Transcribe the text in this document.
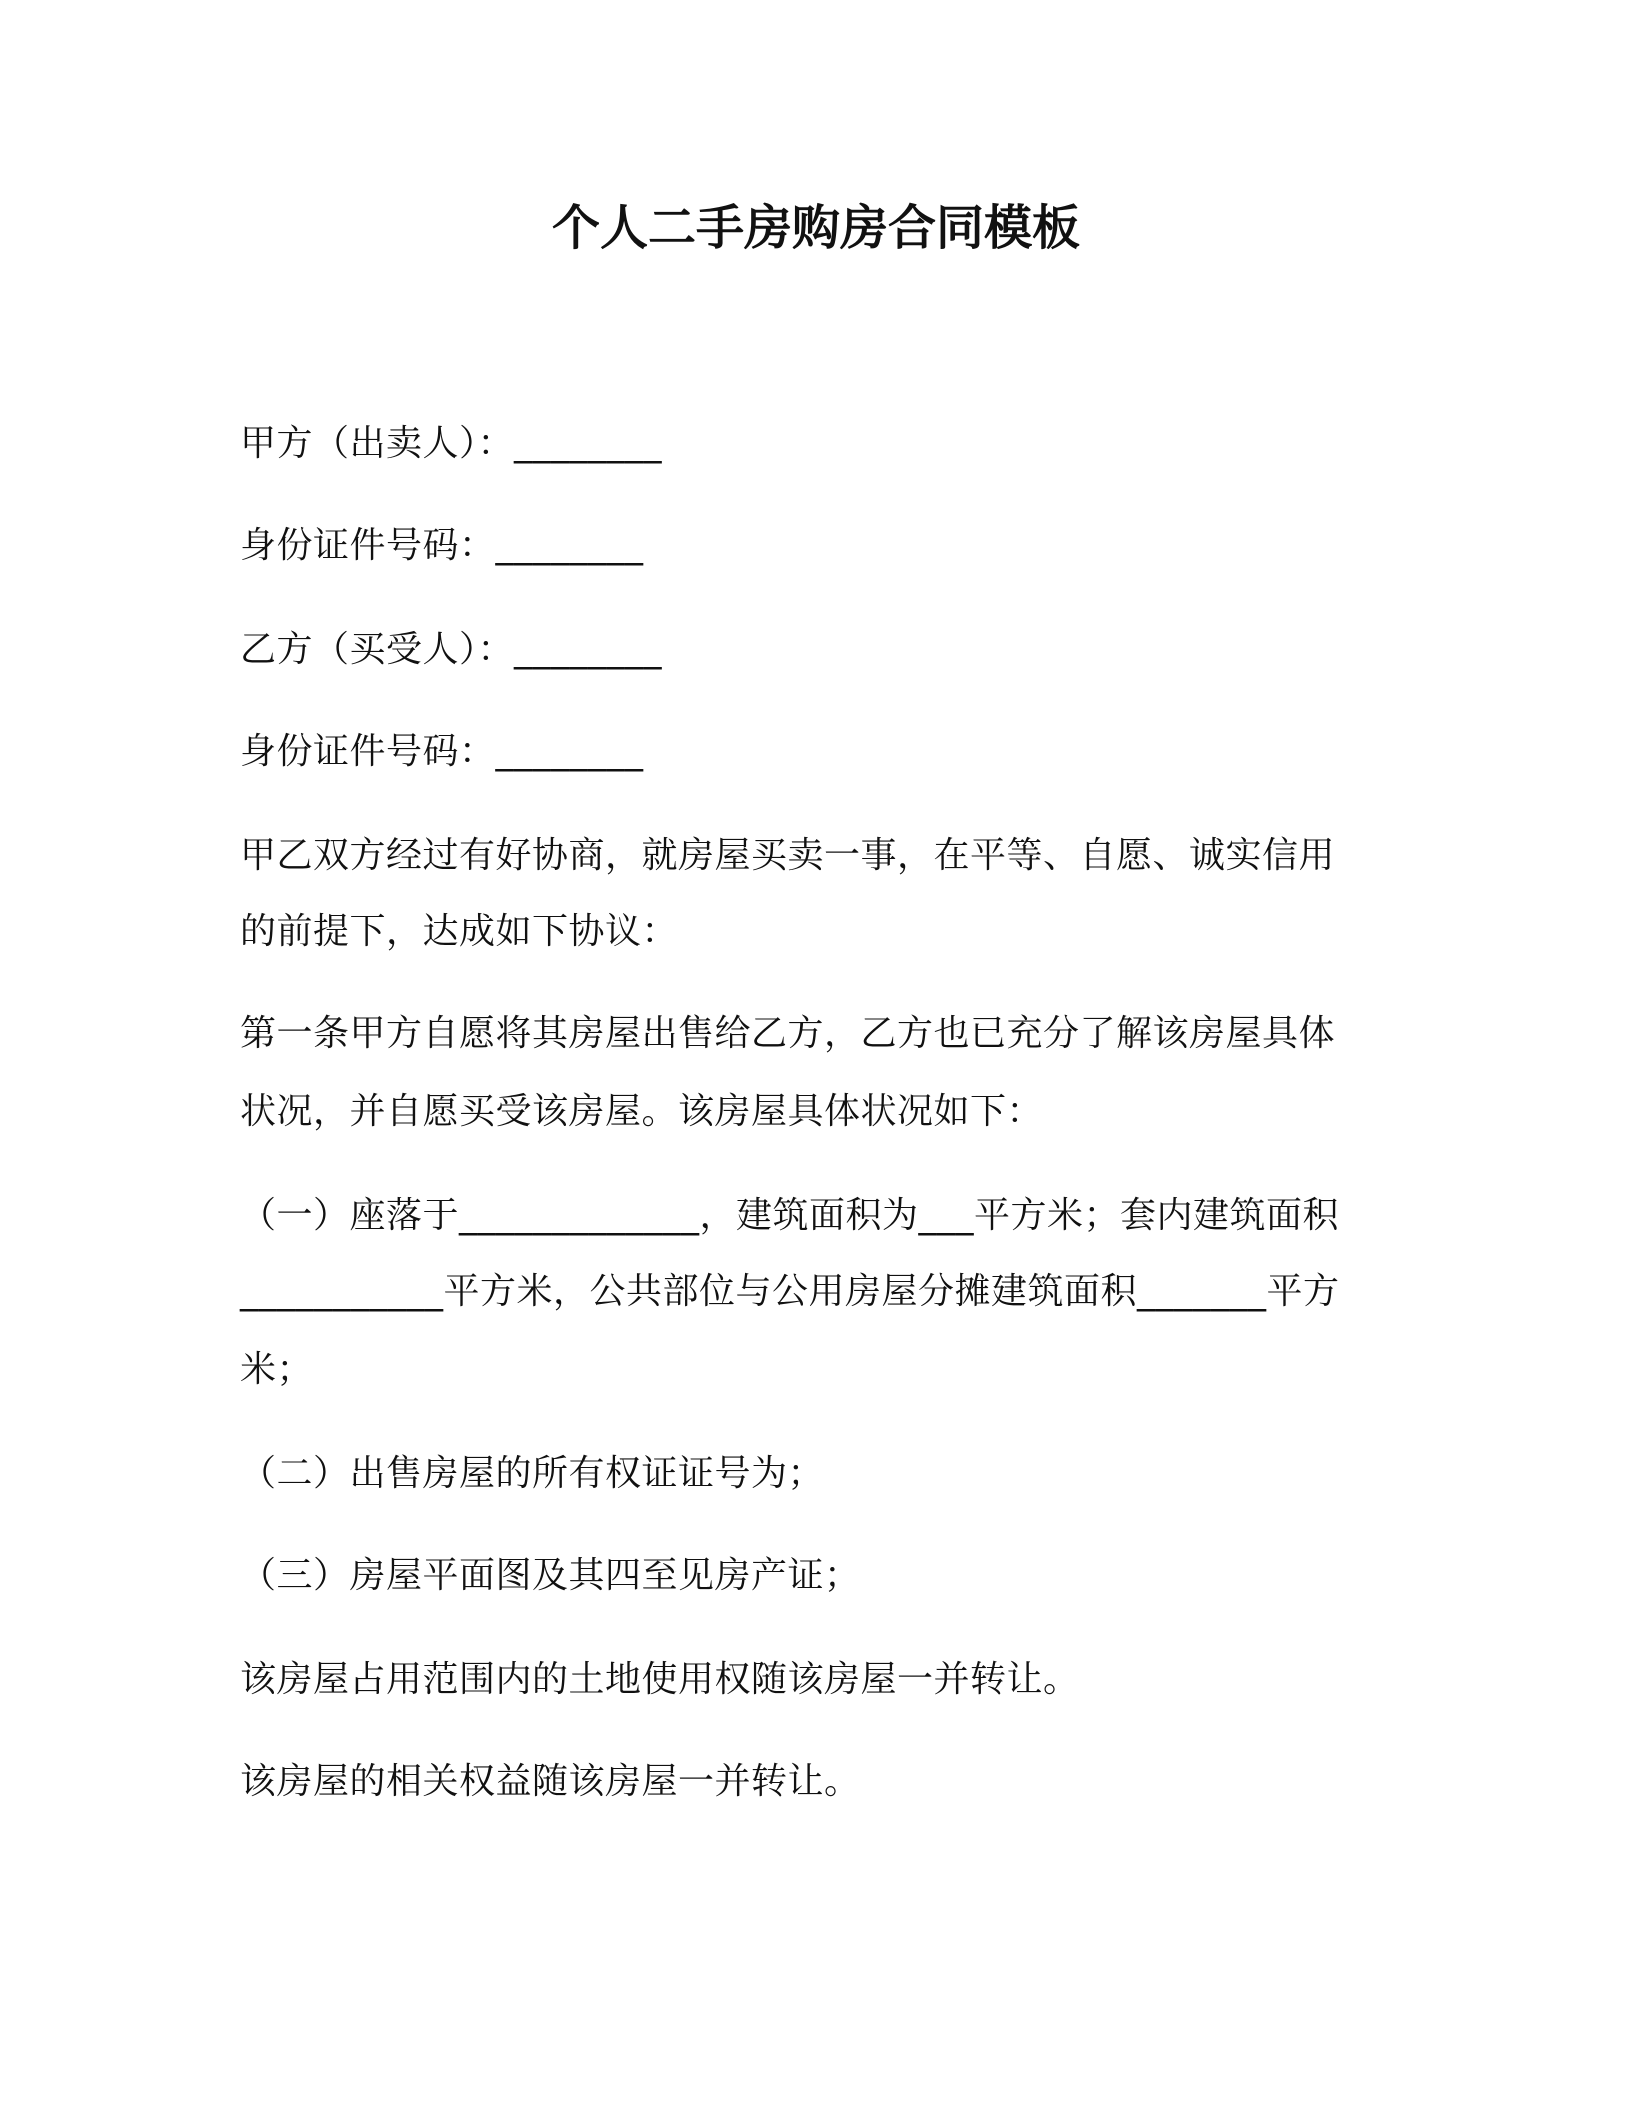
个人二手房购房合同模板
甲方（出卖人）：________
身份证件号码：________
乙方（买受人）：________
身份证件号码：________
甲乙双方经过有好协商，就房屋买卖一事，在平等、自愿、诚实信用
的前提下，达成如下协议：
第一条甲方自愿将其房屋出售给乙方，乙方也已充分了解该房屋具体
状况，并自愿买受该房屋。该房屋具体状况如下：
（一）座落于_____________，建筑面积为___平方米；套内建筑面积
___________平方米，公共部位与公用房屋分摊建筑面积_______平方
米；
（二）出售房屋的所有权证证号为；
（三）房屋平面图及其四至见房产证；
该房屋占用范围内的土地使用权随该房屋一并转让。
该房屋的相关权益随该房屋一并转让。
